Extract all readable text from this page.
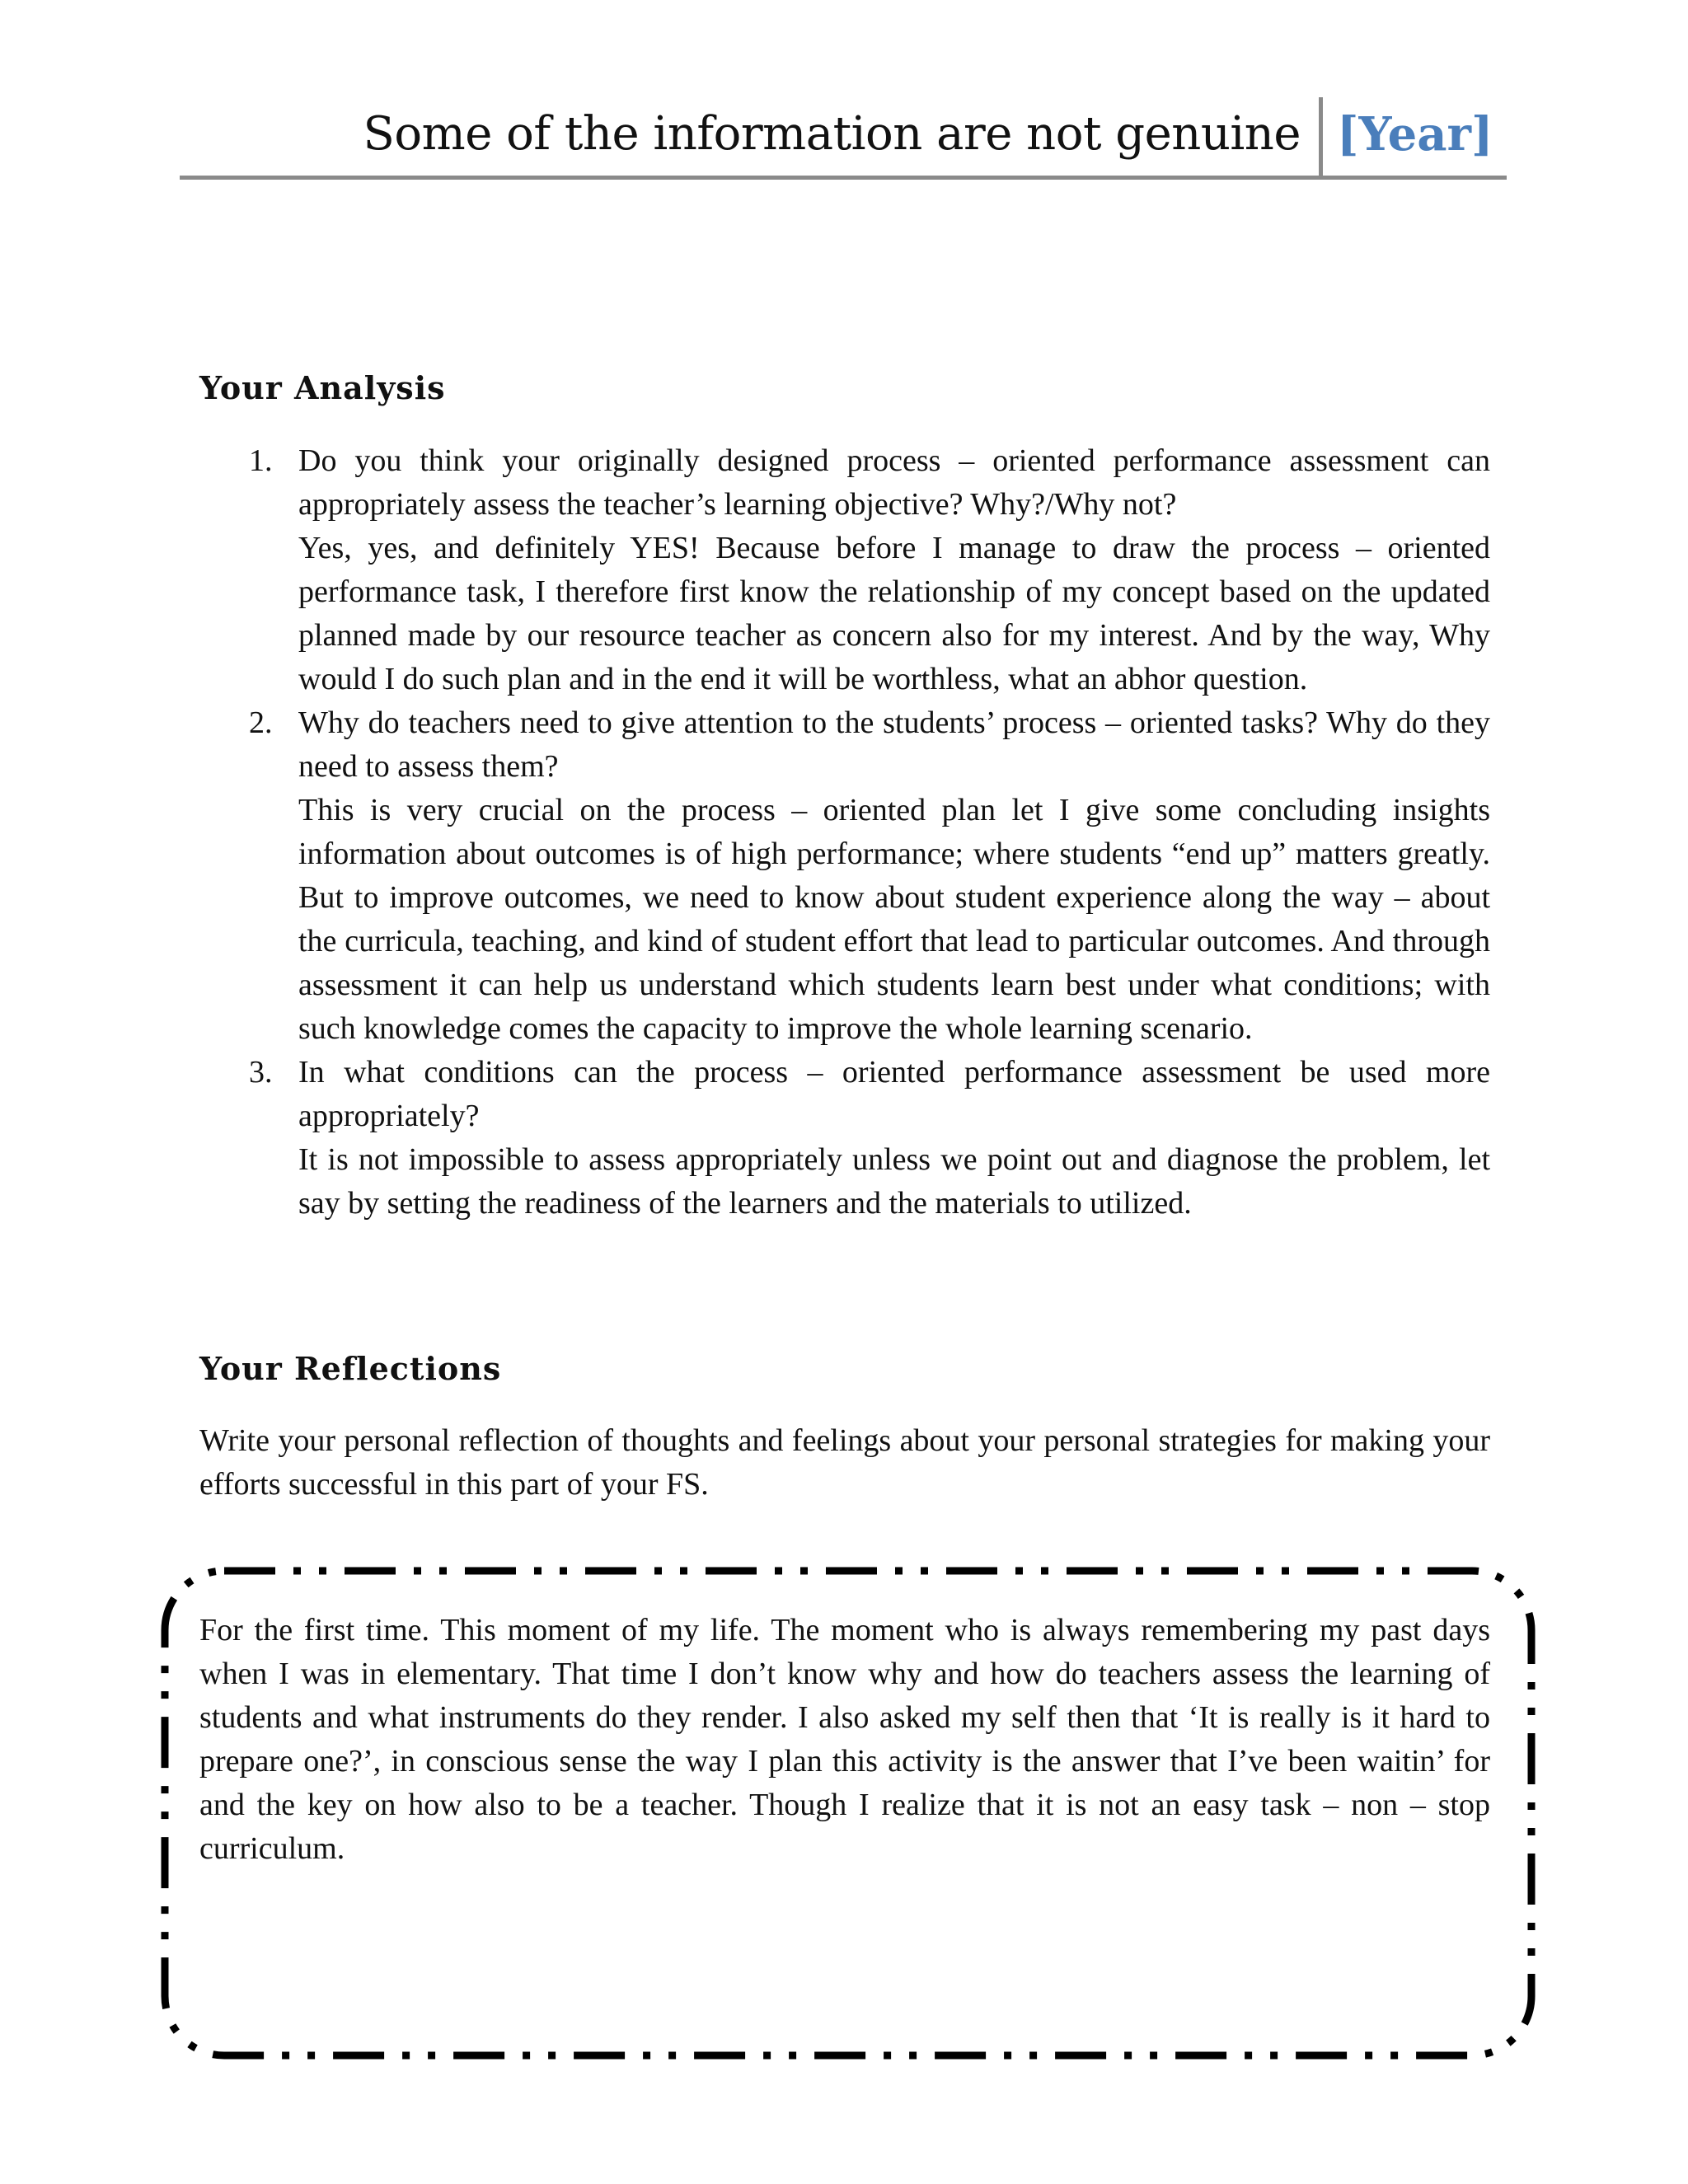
Some of the information are not genuine [Year]
Your Analysis
1. Do you think your originally designed process – oriented performance assessment can appropriately assess the teacher’s learning objective? Why?/Why not?
Yes, yes, and definitely YES! Because before I manage to draw the process – oriented performance task, I therefore first know the relationship of my concept based on the updated planned made by our resource teacher as concern also for my interest. And by the way, Why would I do such plan and in the end it will be worthless, what an abhor question.
2. Why do teachers need to give attention to the students’ process – oriented tasks? Why do they need to assess them?
This is very crucial on the process – oriented plan let I give some concluding insights information about outcomes is of high performance; where students “end up” matters greatly. But to improve outcomes, we need to know about student experience along the way – about the curricula, teaching, and kind of student effort that lead to particular outcomes. And through assessment it can help us understand which students learn best under what conditions; with such knowledge comes the capacity to improve the whole learning scenario.
3. In what conditions can the process – oriented performance assessment be used more appropriately?
It is not impossible to assess appropriately unless we point out and diagnose the problem, let say by setting the readiness of the learners and the materials to utilized.
Your Reflections
Write your personal reflection of thoughts and feelings about your personal strategies for making your efforts successful in this part of your FS.
For the first time. This moment of my life. The moment who is always remembering my past days when I was in elementary. That time I don’t know why and how do teachers assess the learning of students and what instruments do they render. I also asked my self then that ‘It is really is it hard to prepare one?’, in conscious sense the way I plan this activity is the answer that I’ve been waitin’ for and the key on how also to be a teacher. Though I realize that it is not an easy task – non – stop curriculum.
